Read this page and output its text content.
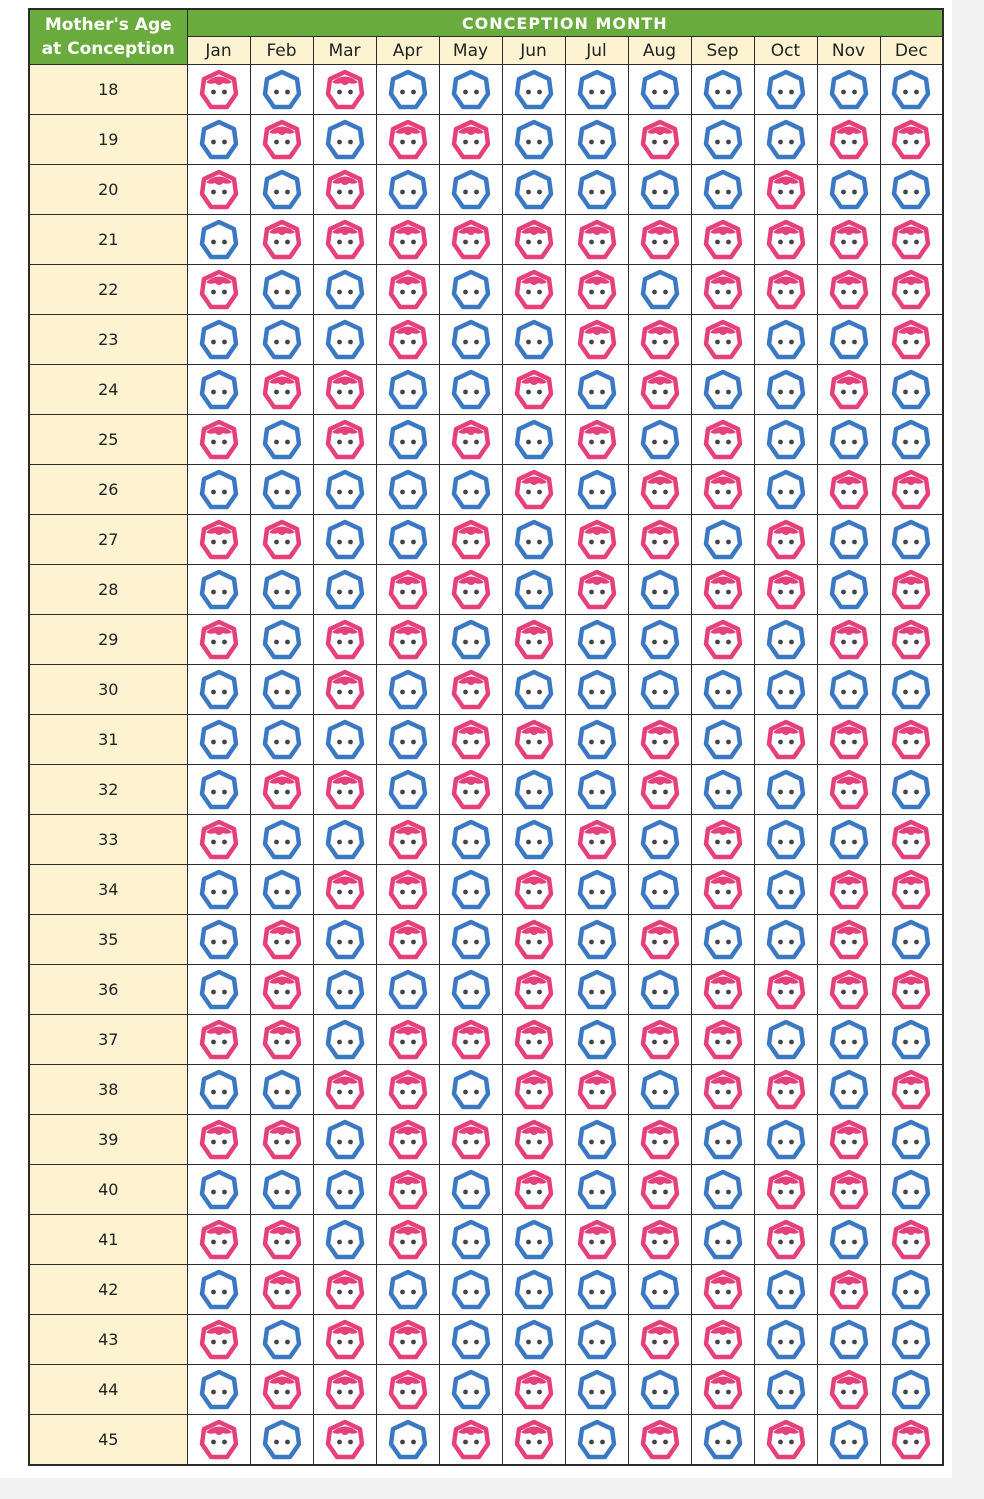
Mother's Age
at Conception	CONCEPTION MONTH											
	Jan	Feb	Mar	Apr	May	Jun	Jul	Aug	Sep	Oct	Nov	Dec
18	

19	

20	

21	

22	

23	

24	

25	

26	

27	

28	

29	

30	

31	

32	

33	

34	

35	

36	

37	

38	

39	

40	

41	

42	

43	

44	

45	
